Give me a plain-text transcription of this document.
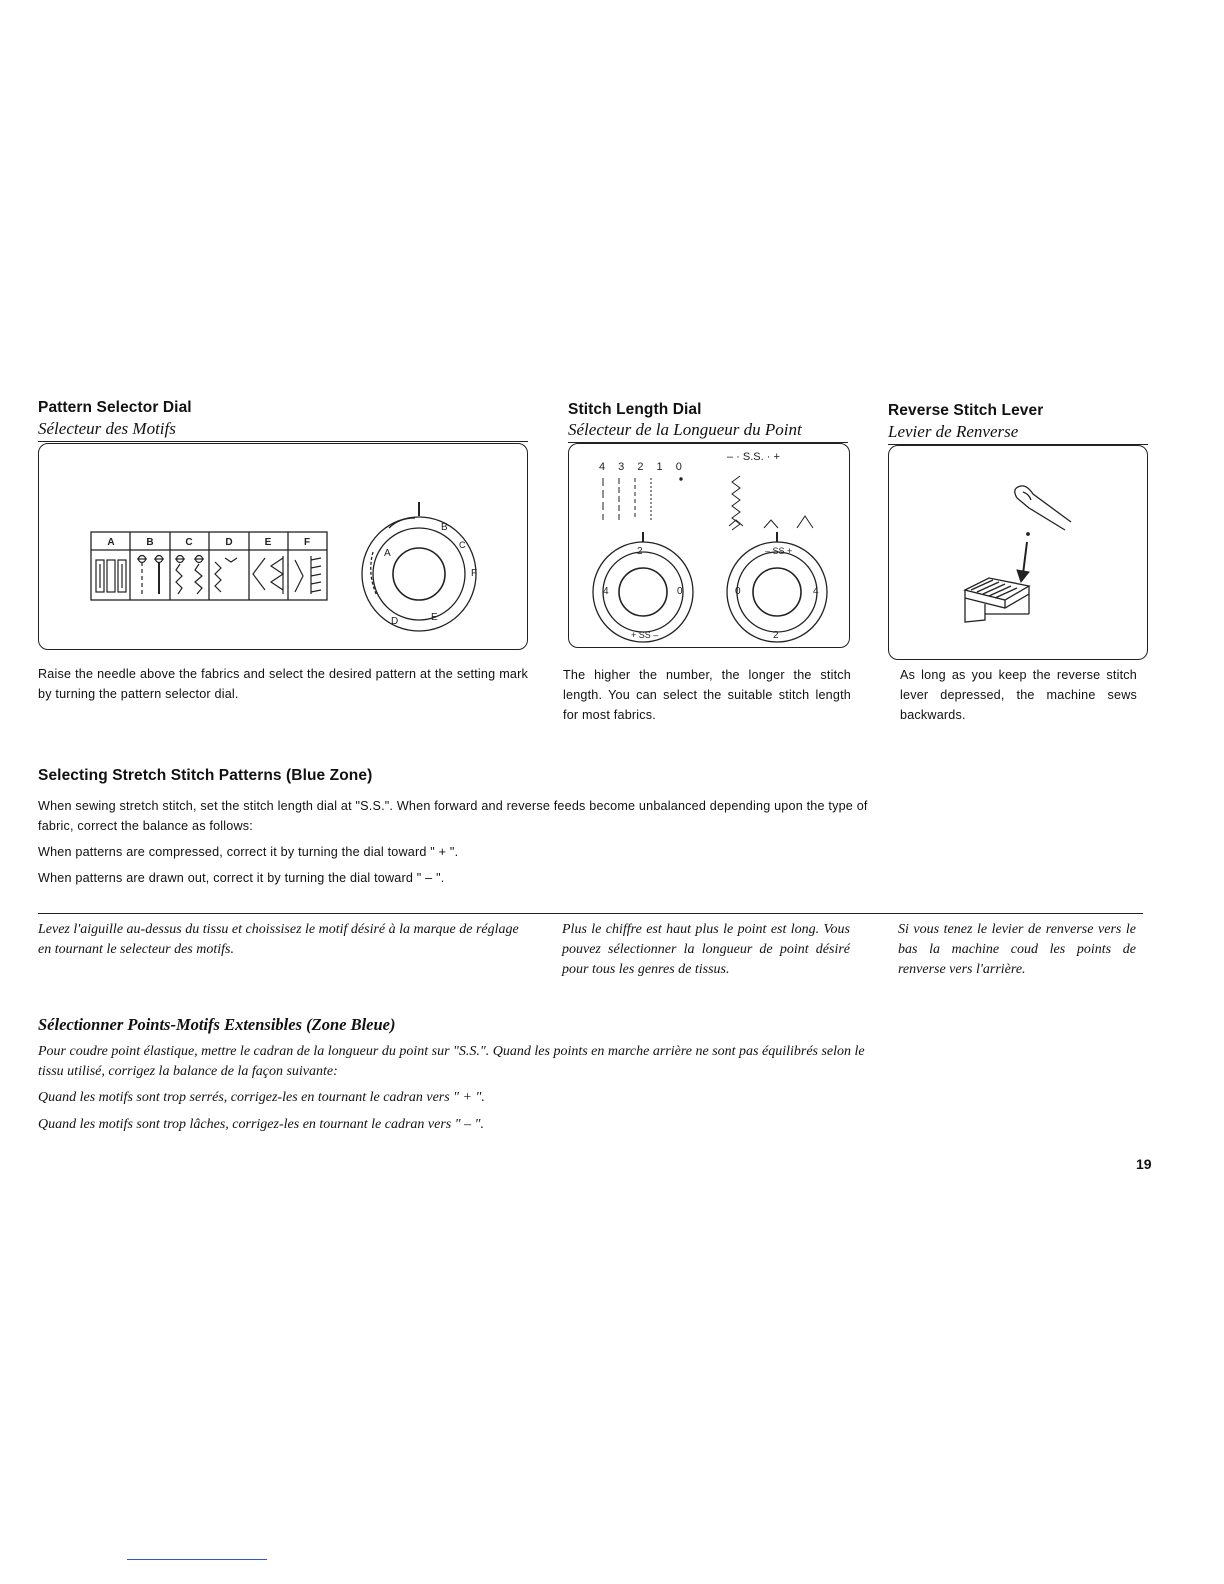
Pattern Selector Dial
Sélecteur des Motifs
A	B	C	D	E	F
B
C
D	E
F
A
Raise the needle above the fabrics and select the desired pattern at the setting mark by turning the pattern selector dial.
Stitch Length Dial
Sélecteur de la Longueur du Point
4 3 2 1 0
– · S.S. · +
2
4	0
+ SS –
– SS +
0	4
2
The higher the number, the longer the stitch length. You can select the suitable stitch length for most fabrics.
Reverse Stitch Lever
Levier de Renverse
As long as you keep the reverse stitch lever depressed, the machine sews backwards.
Selecting Stretch Stitch Patterns (Blue Zone)
When sewing stretch stitch, set the stitch length dial at "S.S.". When forward and reverse feeds become unbalanced depending upon the type of fabric, correct the balance as follows:
When patterns are compressed, correct it by turning the dial toward " + ".
When patterns are drawn out, correct it by turning the dial toward " – ".
Levez l'aiguille au-dessus du tissu et choissisez le motif désiré à la marque de réglage en tournant le selecteur des motifs.
Plus le chiffre est haut plus le point est long. Vous pouvez sélectionner la longueur de point désiré pour tous les genres de tissus.
Si vous tenez le levier de renverse vers le bas la machine coud les points de renverse vers l'arrière.
Sélectionner Points-Motifs Extensibles (Zone Bleue)
Pour coudre point élastique, mettre le cadran de la longueur du point sur "S.S.". Quand les points en marche arrière ne sont pas équilibrés selon le tissu utilisé, corrigez la balance de la façon suivante:
Quand les motifs sont trop serrés, corrigez-les en tournant le cadran vers " + ".
Quand les motifs sont trop lâches, corrigez-les en tournant le cadran vers " – ".
19
